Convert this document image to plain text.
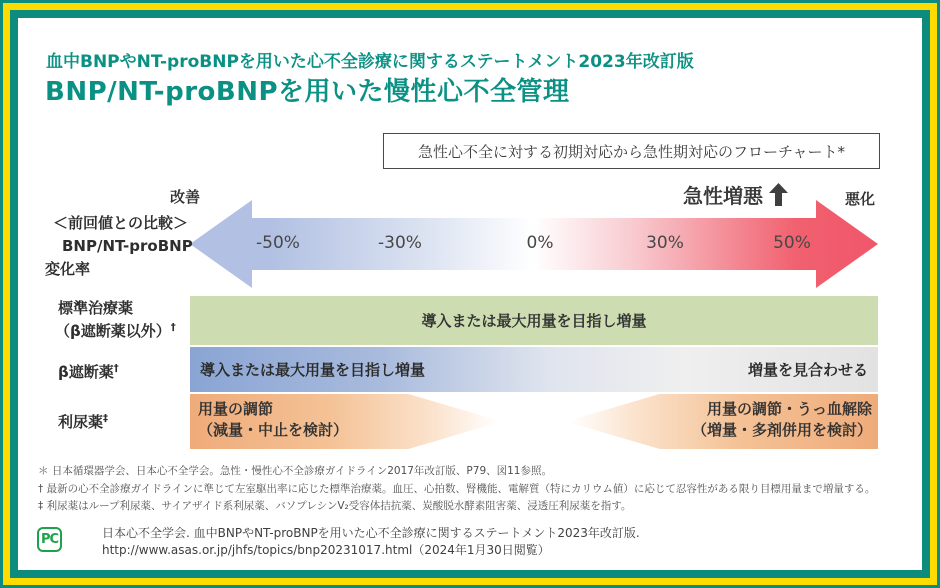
血中BNPやNT-proBNPを用いた心不全診療に関するステートメント2023年改訂版
BNP/NT-proBNPを用いた慢性心不全管理
急性心不全に対する初期対応から急性期対応のフローチャート*
改善	急性増悪	悪化
-50%	-30%	0%	30%	50%
＜前回値との比較＞
BNP/NT-proBNP
変化率
標準治療薬
（β遮断薬以外）†
β遮断薬†
利尿薬‡
導入または最大用量を目指し増量
導入または最大用量を目指し増量	増量を見合わせる
用量の調節
（減量・中止を検討）
用量の調節・うっ血解除
（増量・多剤併用を検討）
＊ 日本循環器学会、日本心不全学会。急性・慢性心不全診療ガイドライン2017年改訂版、P79、図11参照。
† 最新の心不全診療ガイドラインに準じて左室駆出率に応じた標準治療薬。血圧、心拍数、腎機能、電解質（特にカリウム値）に応じて忍容性がある限り目標用量まで増量する。
‡ 利尿薬はループ利尿薬、サイアザイド系利尿薬、バソプレシンV₂受容体拮抗薬、炭酸脱水酵素阻害薬、浸透圧利尿薬を指す。
PC	日本心不全学会. 血中BNPやNT-proBNPを用いた心不全診療に関するステートメント2023年改訂版.
http://www.asas.or.jp/jhfs/topics/bnp20231017.html（2024年1月30日閲覧）
